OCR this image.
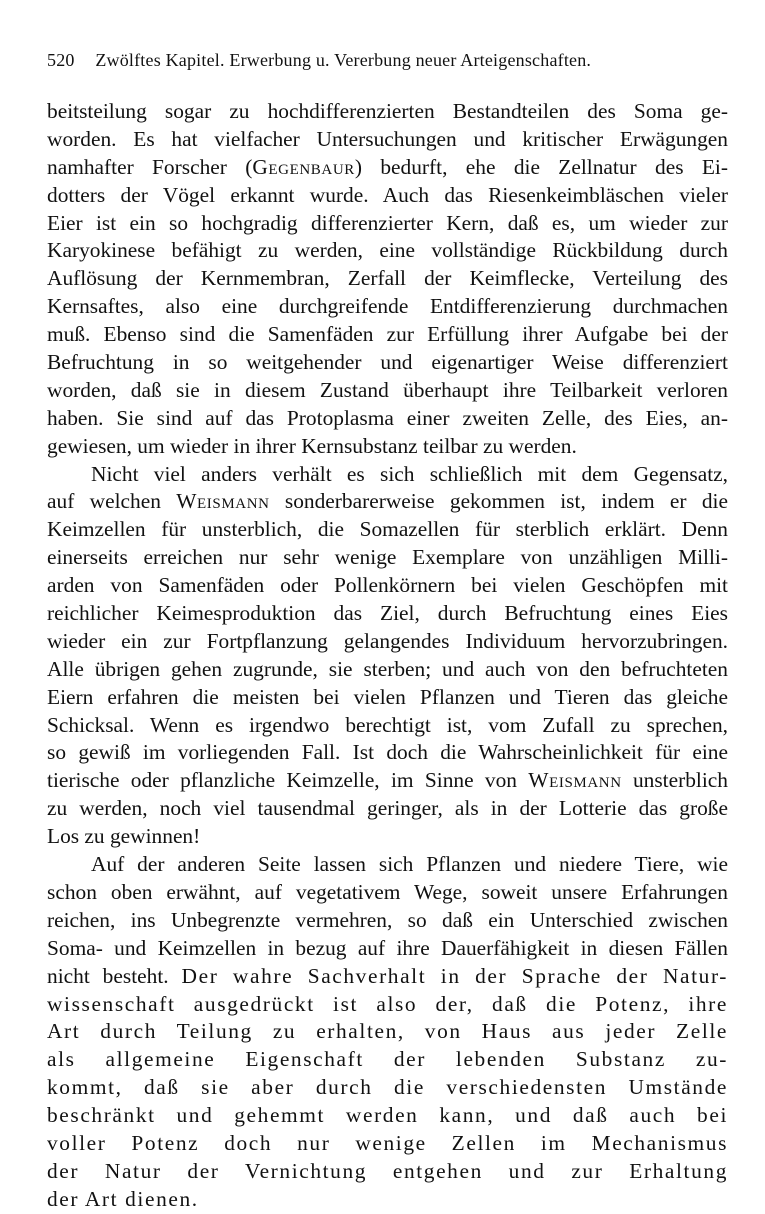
520 Zwölftes Kapitel. Erwerbung u. Vererbung neuer Arteigenschaften.
beitsteilung sogar zu hochdifferenzierten Bestandteilen des Soma ge-
worden. Es hat vielfacher Untersuchungen und kritischer Erwägungen
namhafter Forscher (Gegenbaur) bedurft, ehe die Zellnatur des Ei-
dotters der Vögel erkannt wurde. Auch das Riesenkeimbläschen vieler
Eier ist ein so hochgradig differenzierter Kern, daß es, um wieder zur
Karyokinese befähigt zu werden, eine vollständige Rückbildung durch
Auflösung der Kernmembran, Zerfall der Keimflecke, Verteilung des
Kernsaftes, also eine durchgreifende Entdifferenzierung durchmachen
muß. Ebenso sind die Samenfäden zur Erfüllung ihrer Aufgabe bei der
Befruchtung in so weitgehender und eigenartiger Weise differenziert
worden, daß sie in diesem Zustand überhaupt ihre Teilbarkeit verloren
haben. Sie sind auf das Protoplasma einer zweiten Zelle, des Eies, an-
gewiesen, um wieder in ihrer Kernsubstanz teilbar zu werden.
Nicht viel anders verhält es sich schließlich mit dem Gegensatz,
auf welchen Weismann sonderbarerweise gekommen ist, indem er die
Keimzellen für unsterblich, die Somazellen für sterblich erklärt. Denn
einerseits erreichen nur sehr wenige Exemplare von unzähligen Milli-
arden von Samenfäden oder Pollenkörnern bei vielen Geschöpfen mit
reichlicher Keimesproduktion das Ziel, durch Befruchtung eines Eies
wieder ein zur Fortpflanzung gelangendes Individuum hervorzubringen.
Alle übrigen gehen zugrunde, sie sterben; und auch von den befruchteten
Eiern erfahren die meisten bei vielen Pflanzen und Tieren das gleiche
Schicksal. Wenn es irgendwo berechtigt ist, vom Zufall zu sprechen,
so gewiß im vorliegenden Fall. Ist doch die Wahrscheinlichkeit für eine
tierische oder pflanzliche Keimzelle, im Sinne von Weismann unsterblich
zu werden, noch viel tausendmal geringer, als in der Lotterie das große
Los zu gewinnen!
Auf der anderen Seite lassen sich Pflanzen und niedere Tiere, wie
schon oben erwähnt, auf vegetativem Wege, soweit unsere Erfahrungen
reichen, ins Unbegrenzte vermehren, so daß ein Unterschied zwischen
Soma- und Keimzellen in bezug auf ihre Dauerfähigkeit in diesen Fällen
nicht besteht. Der wahre Sachverhalt in der Sprache der Natur-
wissenschaft ausgedrückt ist also der, daß die Potenz, ihre
Art durch Teilung zu erhalten, von Haus aus jeder Zelle
als allgemeine Eigenschaft der lebenden Substanz zu-
kommt, daß sie aber durch die verschiedensten Umstände
beschränkt und gehemmt werden kann, und daß auch bei
voller Potenz doch nur wenige Zellen im Mechanismus
der Natur der Vernichtung entgehen und zur Erhaltung
der Art dienen.
